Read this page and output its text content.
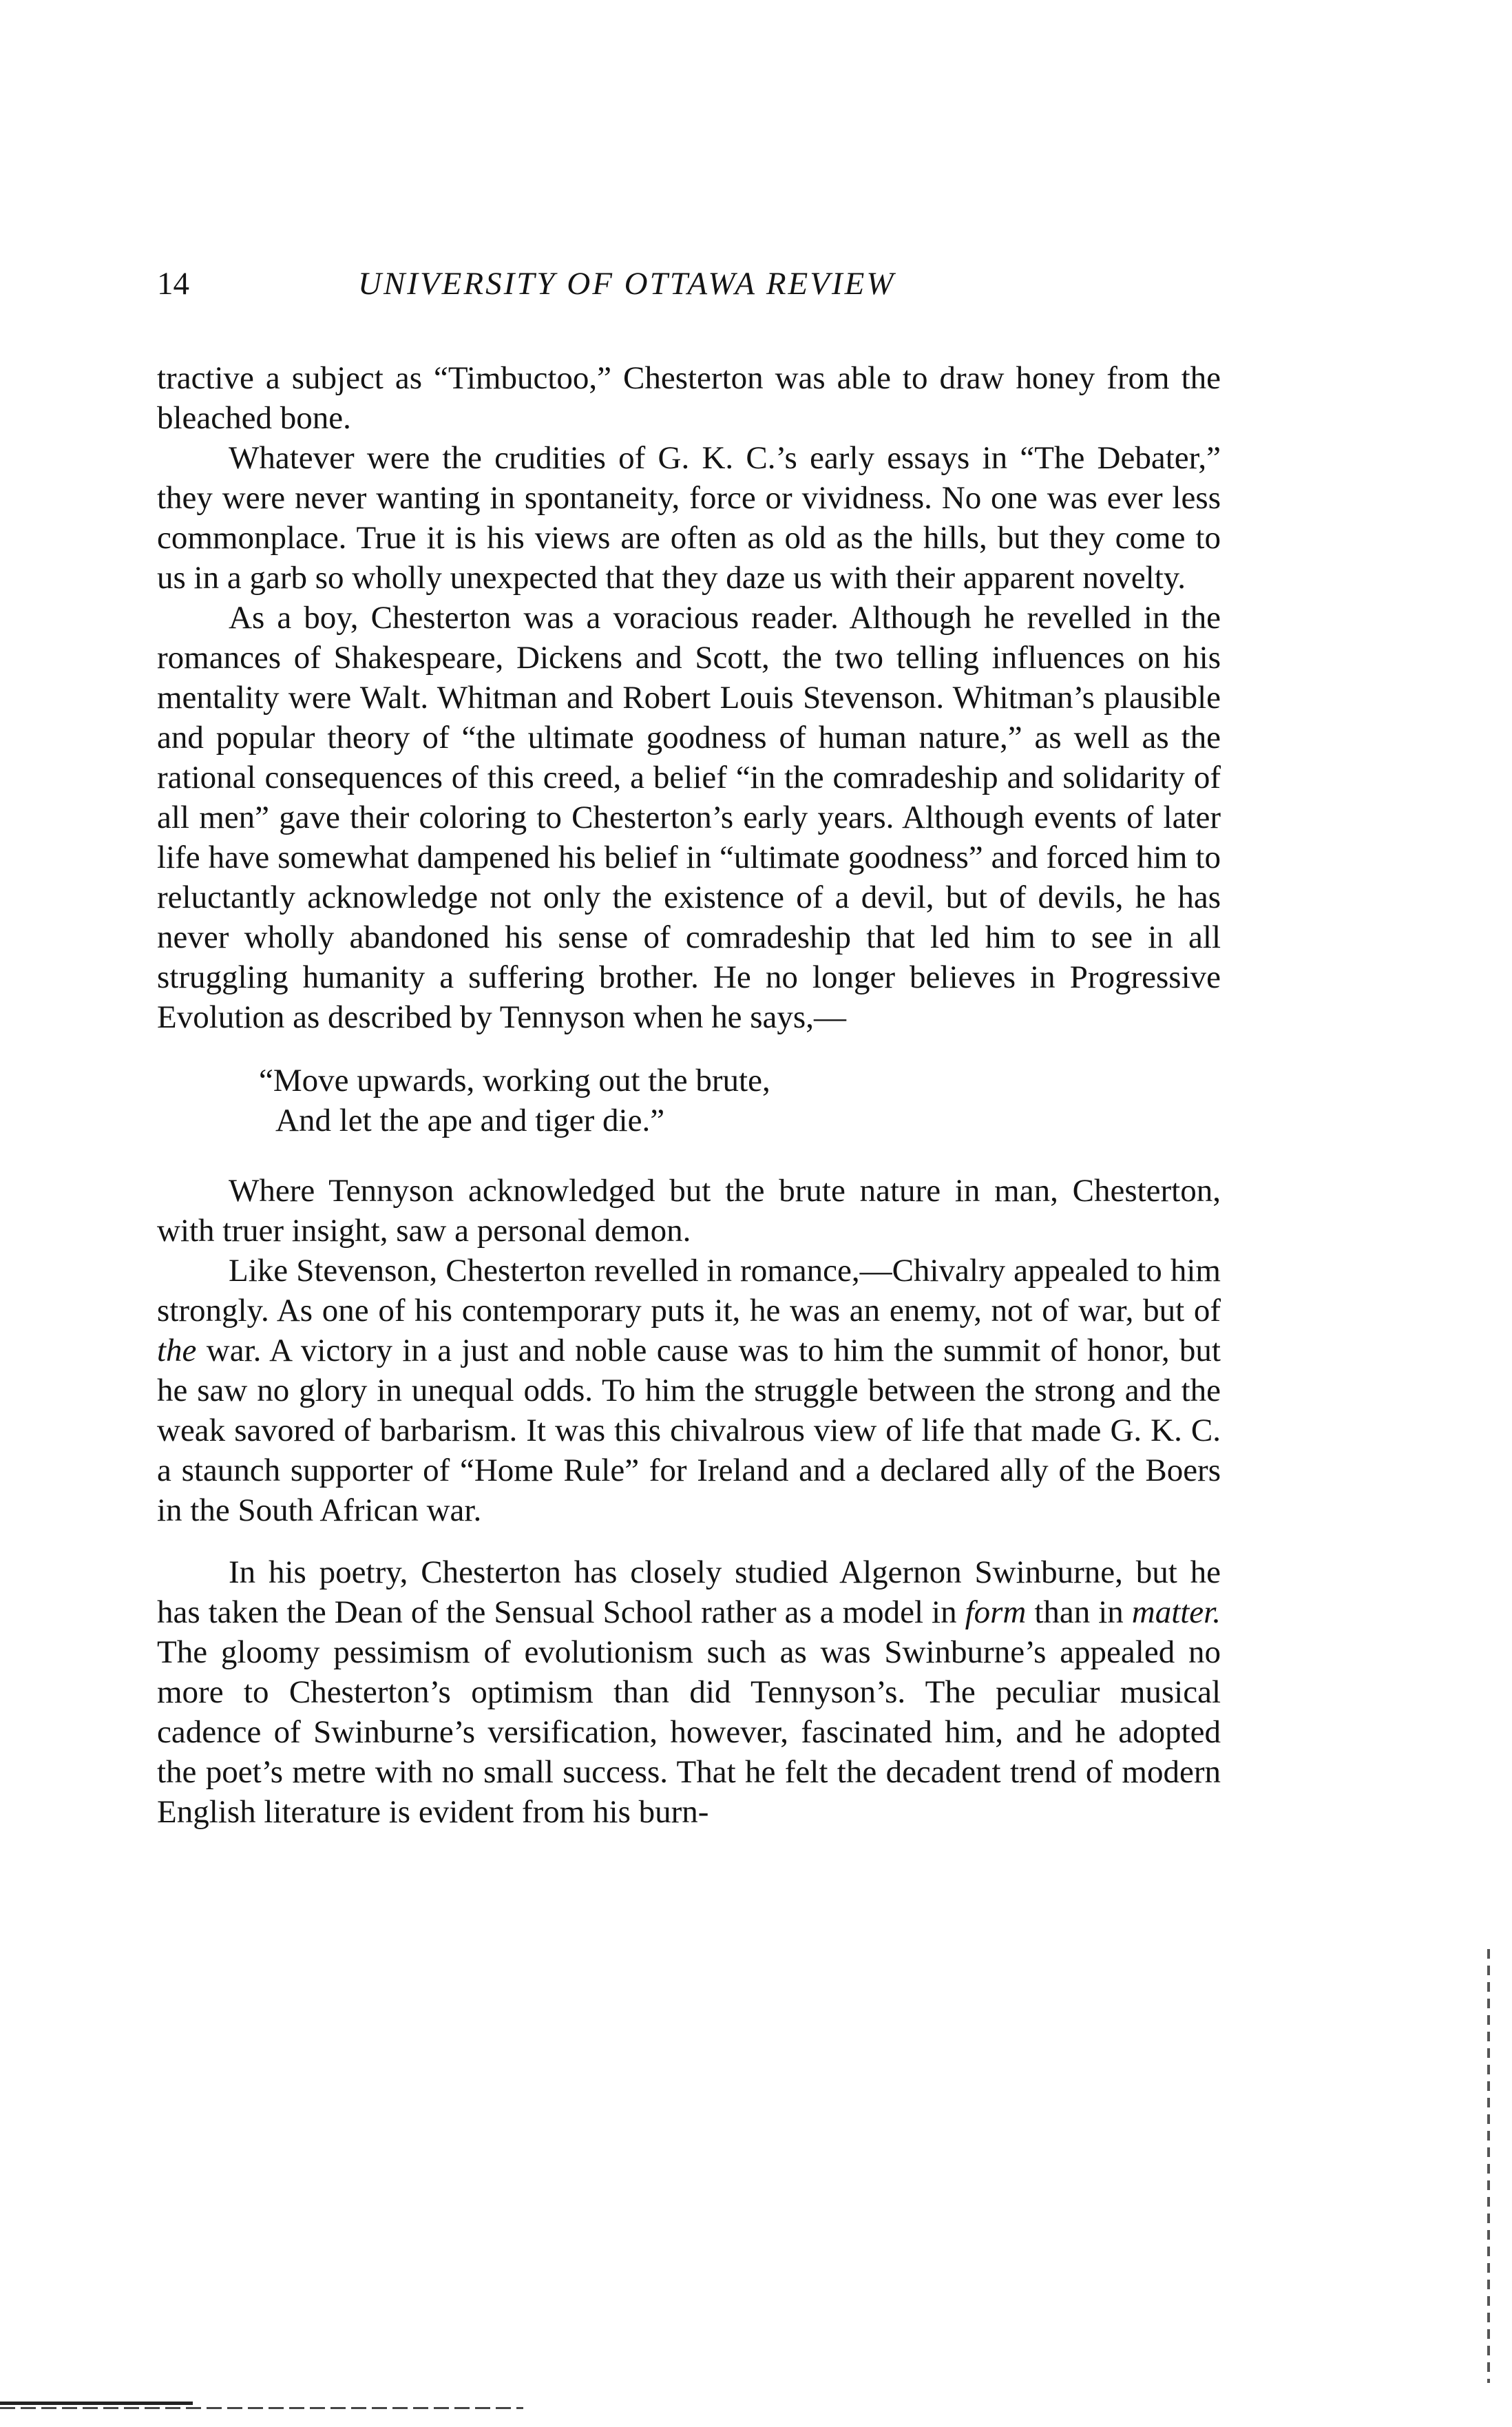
14	UNIVERSITY OF OTTAWA REVIEW

tractive a subject as “Timbuctoo,” Chesterton was able to draw honey from the bleached bone.

Whatever were the crudities of G. K. C.’s early essays in “The Debater,” they were never wanting in spontaneity, force or vividness. No one was ever less commonplace. True it is his views are often as old as the hills, but they come to us in a garb so wholly unexpected that they daze us with their apparent novelty.

As a boy, Chesterton was a voracious reader. Although he revelled in the romances of Shakespeare, Dickens and Scott, the two telling influences on his mentality were Walt. Whitman and Robert Louis Stevenson. Whitman’s plausible and popular theory of “the ultimate goodness of human nature,” as well as the rational consequences of this creed, a belief “in the comradeship and solidarity of all men” gave their coloring to Chesterton’s early years. Although events of later life have somewhat dampened his belief in “ultimate goodness” and forced him to reluctantly acknowledge not only the existence of a devil, but of devils, he has never wholly abandoned his sense of comradeship that led him to see in all struggling humanity a suffering brother. He no longer believes in Progressive Evolution as described by Tennyson when he says,—

“Move upwards, working out the brute,
And let the ape and tiger die.”

Where Tennyson acknowledged but the brute nature in man, Chesterton, with truer insight, saw a personal demon.

Like Stevenson, Chesterton revelled in romance,—Chivalry appealed to him strongly. As one of his contemporary puts it, he was an enemy, not of war, but of the war. A victory in a just and noble cause was to him the summit of honor, but he saw no glory in unequal odds. To him the struggle between the strong and the weak savored of barbarism. It was this chivalrous view of life that made G. K. C. a staunch supporter of “Home Rule” for Ireland and a declared ally of the Boers in the South African war.

In his poetry, Chesterton has closely studied Algernon Swinburne, but he has taken the Dean of the Sensual School rather as a model in form than in matter. The gloomy pessimism of evolutionism such as was Swinburne’s appealed no more to Chesterton’s optimism than did Tennyson’s. The peculiar musical cadence of Swinburne’s versification, however, fascinated him, and he adopted the poet’s metre with no small success. That he felt the decadent trend of modern English literature is evident from his burn-
